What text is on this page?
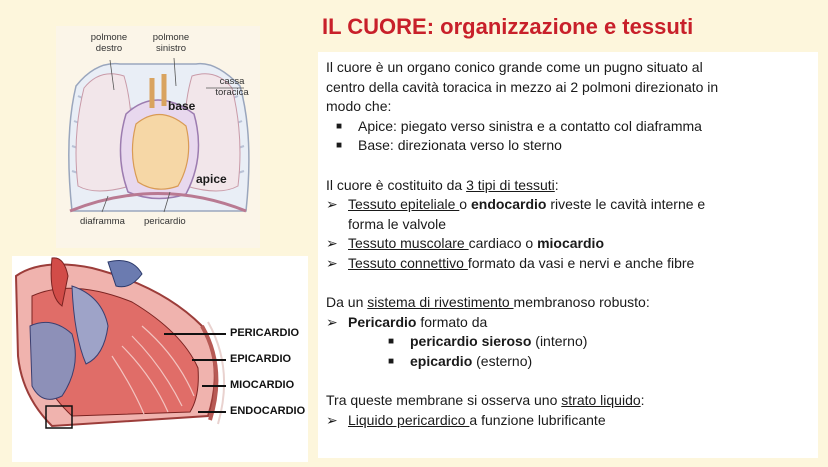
IL CUORE: organizzazione e tessuti
polmone destro
polmone sinistro
cassa toracica
base
apice
diaframma pericardio
PERICARDIO
EPICARDIO
MIOCARDIO
ENDOCARDIO
Il cuore è un organo conico grande come un pugno situato al
centro della cavità toracica in mezzo ai 2 polmoni direzionato in
modo che:
■ Apice: piegato verso sinistra e a contatto col diaframma
■ Base: direzionata verso lo sterno
Il cuore è costituito da 3 tipi di tessuti:
➢ Tessuto epiteliale o endocardio riveste le cavità interne e
forma le valvole
➢ Tessuto muscolare cardiaco o miocardio
➢ Tessuto connettivo formato da vasi e nervi e anche fibre
Da un sistema di rivestimento membranoso robusto:
➢ Pericardio formato da
■ pericardio sieroso (interno)
■ epicardio (esterno)
Tra queste membrane si osserva uno strato liquido:
➢ Liquido pericardico a funzione lubrificante
